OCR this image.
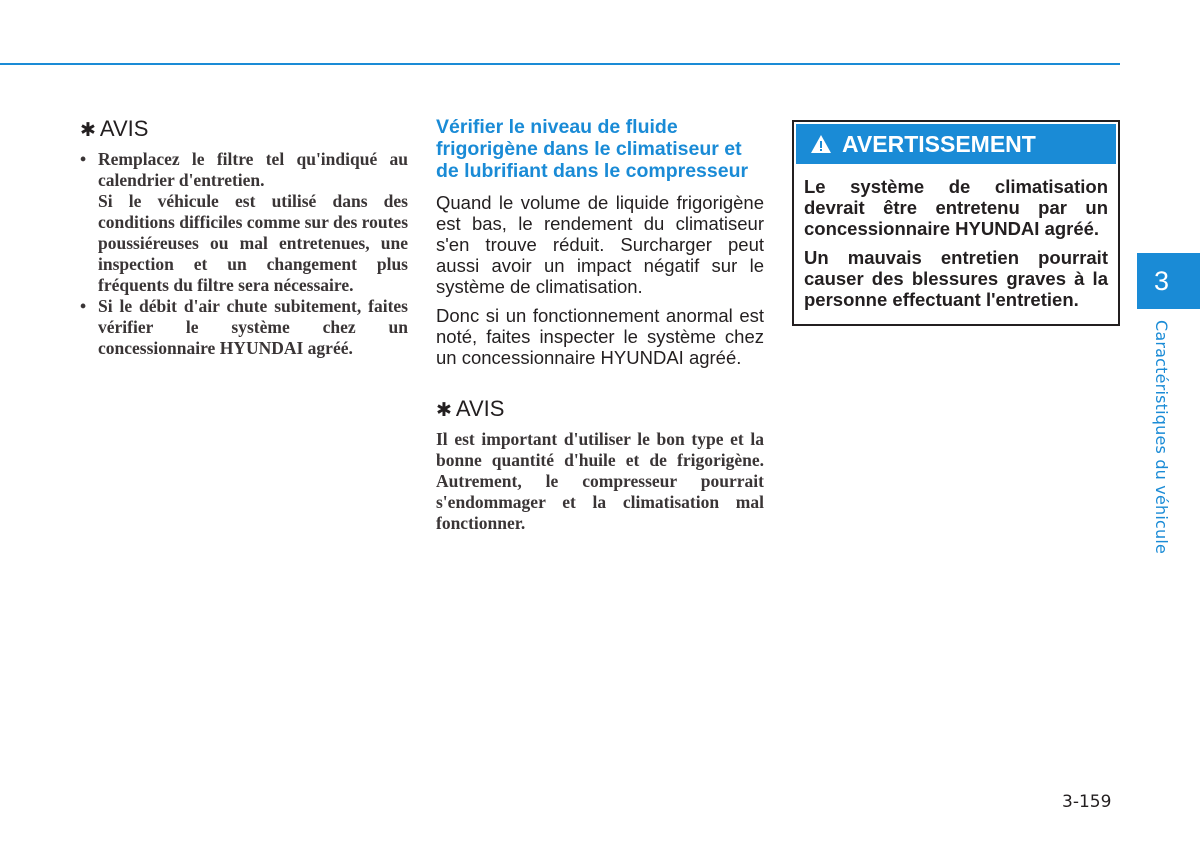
✱ AVIS

• Remplacez le filtre tel qu'indiqué au calendrier d'entretien.

Si le véhicule est utilisé dans des conditions difficiles comme sur des routes poussiéreuses ou mal entretenues, une inspection et un changement plus fréquents du filtre sera nécessaire.

• Si le débit d'air chute subitement, faites vérifier le système chez un concessionnaire HYUNDAI agréé.

Vérifier le niveau de fluide frigorigène dans le climatiseur et de lubrifiant dans le compresseur

Quand le volume de liquide frigorigène est bas, le rendement du climatiseur s'en trouve réduit. Surcharger peut aussi avoir un impact négatif sur le système de climatisation.

Donc si un fonctionnement anormal est noté, faites inspecter le système chez un concessionnaire HYUNDAI agréé.

✱ AVIS

Il est important d'utiliser le bon type et la bonne quantité d'huile et de frigorigène. Autrement, le compresseur pourrait s'endommager et la climatisation mal fonctionner.

AVERTISSEMENT

Le système de climatisation devrait être entretenu par un concessionnaire HYUNDAI agréé.

Un mauvais entretien pourrait causer des blessures graves à la personne effectuant l'entretien.

3
Caractéristiques du véhicule
3-159
